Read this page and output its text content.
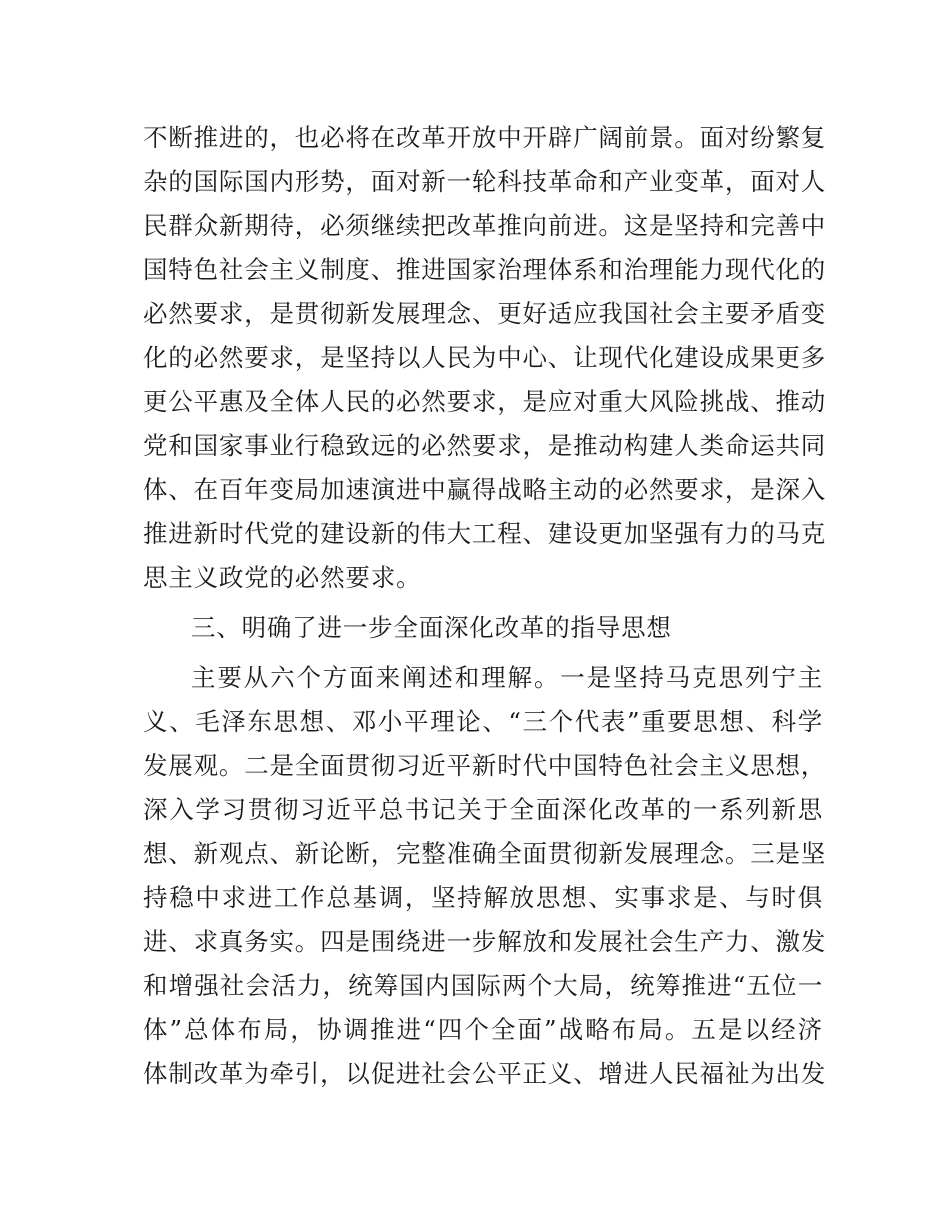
不断推进的，也必将在改革开放中开辟广阔前景。面对纷繁复
杂的国际国内形势，面对新一轮科技革命和产业变革，面对人
民群众新期待，必须继续把改革推向前进。这是坚持和完善中
国特色社会主义制度、推进国家治理体系和治理能力现代化的
必然要求，是贯彻新发展理念、更好适应我国社会主要矛盾变
化的必然要求，是坚持以人民为中心、让现代化建设成果更多
更公平惠及全体人民的必然要求，是应对重大风险挑战、推动
党和国家事业行稳致远的必然要求，是推动构建人类命运共同
体、在百年变局加速演进中赢得战略主动的必然要求，是深入
推进新时代党的建设新的伟大工程、建设更加坚强有力的马克
思主义政党的必然要求。
三、明确了进一步全面深化改革的指导思想
主要从六个方面来阐述和理解。一是坚持马克思列宁主
义、毛泽东思想、邓小平理论、“三个代表”重要思想、科学
发展观。二是全面贯彻习近平新时代中国特色社会主义思想，
深入学习贯彻习近平总书记关于全面深化改革的一系列新思
想、新观点、新论断，完整准确全面贯彻新发展理念。三是坚
持稳中求进工作总基调，坚持解放思想、实事求是、与时俱
进、求真务实。四是围绕进一步解放和发展社会生产力、激发
和增强社会活力，统筹国内国际两个大局，统筹推进“五位一
体”总体布局，协调推进“四个全面”战略布局。五是以经济
体制改革为牵引，以促进社会公平正义、增进人民福祉为出发
